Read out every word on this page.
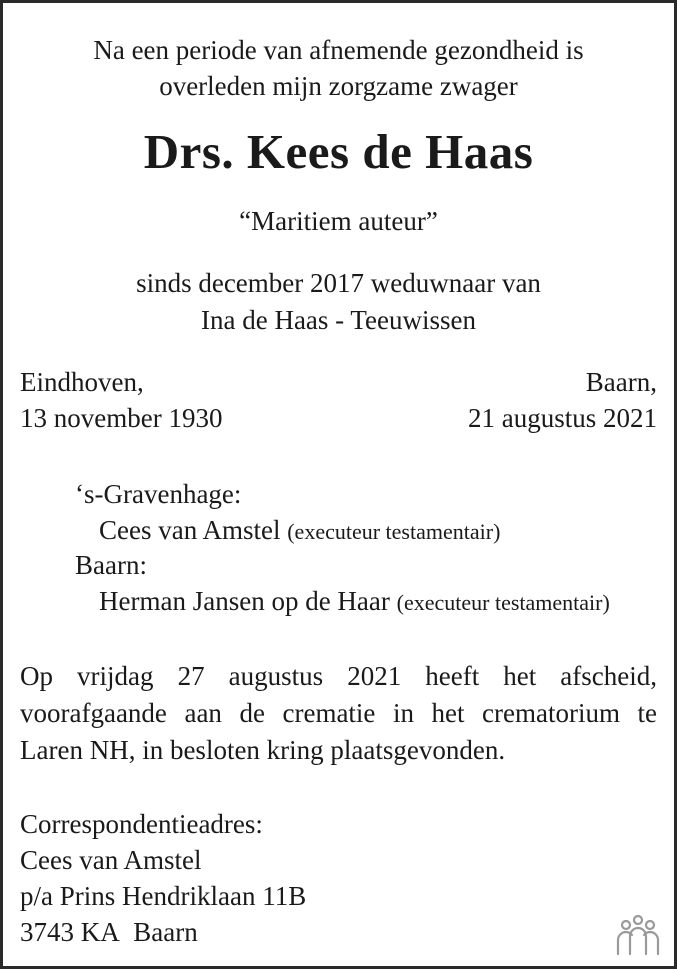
Na een periode van afnemende gezondheid is
overleden mijn zorgzame zwager
Drs. Kees de Haas
“Maritiem auteur”
sinds december 2017 weduwnaar van
Ina de Haas - Teeuwissen
Eindhoven,
13 november 1930
Baarn,
21 augustus 2021
‘s-Gravenhage:
Cees van Amstel (executeur testamentair)
Baarn:
Herman Jansen op de Haar (executeur testamentair)
Op vrijdag 27 augustus 2021 heeft het afscheid,
voorafgaande aan de crematie in het crematorium te
Laren NH, in besloten kring plaatsgevonden.
Correspondentieadres:
Cees van Amstel
p/a Prins Hendriklaan 11B
3743 KA  Baarn
